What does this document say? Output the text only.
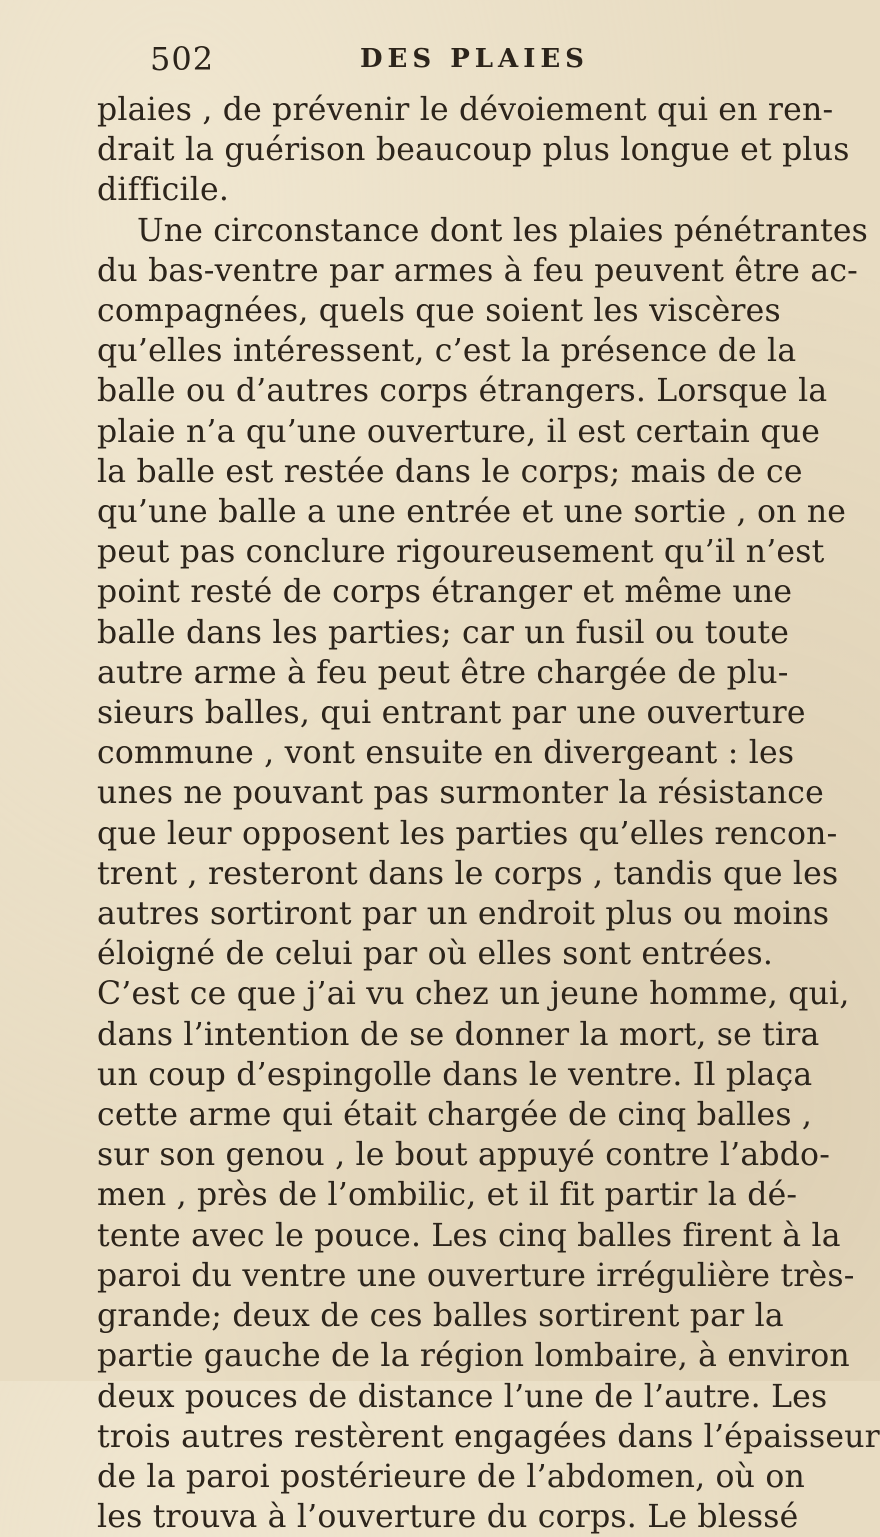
502	DES PLAIES
plaies , de prévenir le dévoiement qui en ren-
drait la guérison beaucoup plus longue et plus
difficile.
Une circonstance dont les plaies pénétrantes
du bas-ventre par armes à feu peuvent être ac-
compagnées, quels que soient les viscères
qu’elles intéressent, c’est la présence de la
balle ou d’autres corps étrangers. Lorsque la
plaie n’a qu’une ouverture, il est certain que
la balle est restée dans le corps; mais de ce
qu’une balle a une entrée et une sortie , on ne
peut pas conclure rigoureusement qu’il n’est
point resté de corps étranger et même une
balle dans les parties; car un fusil ou toute
autre arme à feu peut être chargée de plu-
sieurs balles, qui entrant par une ouverture
commune , vont ensuite en divergeant : les
unes ne pouvant pas surmonter la résistance
que leur opposent les parties qu’elles rencon-
trent , resteront dans le corps , tandis que les
autres sortiront par un endroit plus ou moins
éloigné de celui par où elles sont entrées.
C’est ce que j’ai vu chez un jeune homme, qui,
dans l’intention de se donner la mort, se tira
un coup d’espingolle dans le ventre. Il plaça
cette arme qui était chargée de cinq balles ,
sur son genou , le bout appuyé contre l’abdo-
men , près de l’ombilic, et il fit partir la dé-
tente avec le pouce. Les cinq balles firent à la
paroi du ventre une ouverture irrégulière très-
grande; deux de ces balles sortirent par la
partie gauche de la région lombaire, à environ
deux pouces de distance l’une de l’autre. Les
trois autres restèrent engagées dans l’épaisseur
de la paroi postérieure de l’abdomen, où on
les trouva à l’ouverture du corps. Le blessé
